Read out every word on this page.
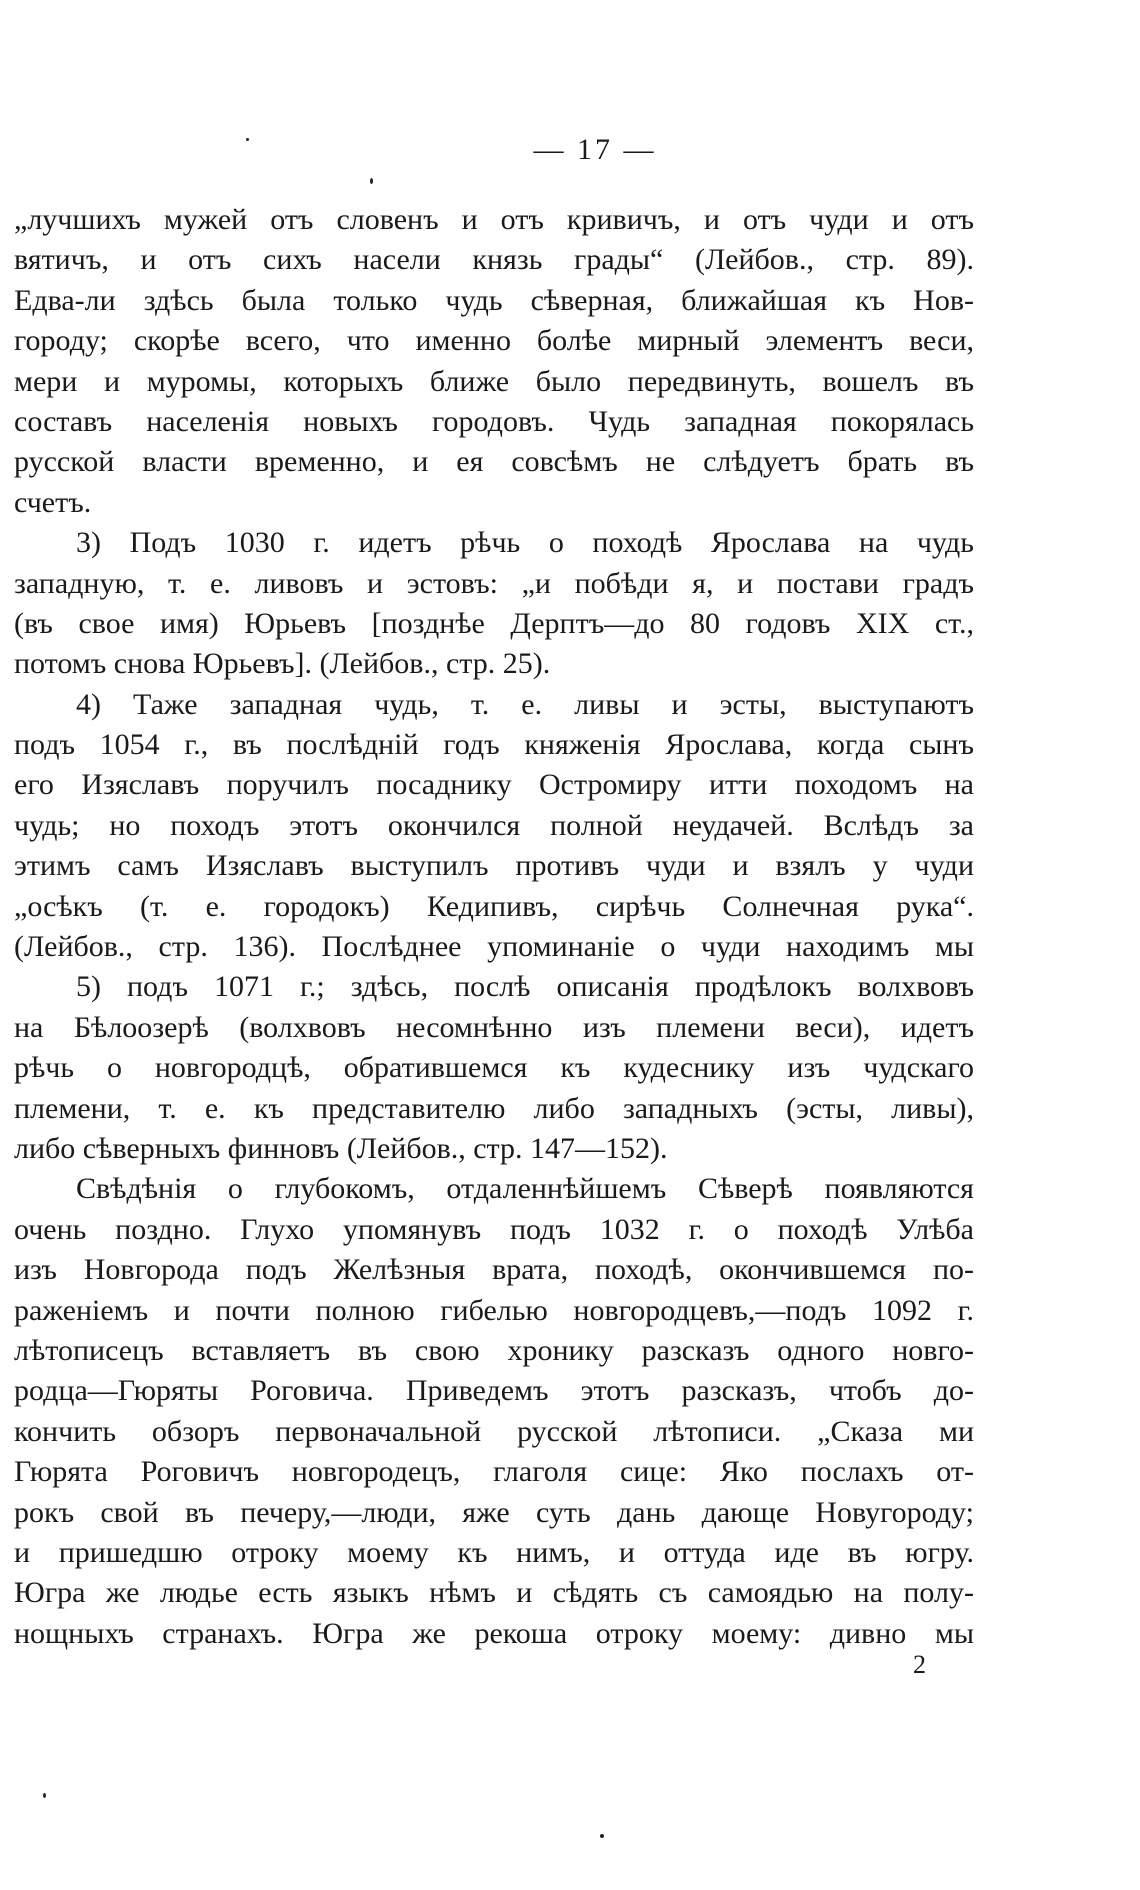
— 17 —
„лучшихъ мужей отъ словенъ и отъ кривичъ, и отъ чуди и отъ
вятичъ, и отъ сихъ насели князь грады“ (Лейбов., стр. 89).
Едва-ли здѣсь была только чудь сѣверная, ближайшая къ Нов-
городу; скорѣе всего, что именно болѣе мирный элементъ веси,
мери и муромы, которыхъ ближе было передвинуть, вошелъ въ
составъ населенія новыхъ городовъ. Чудь западная покорялась
русской власти временно, и ея совсѣмъ не слѣдуетъ брать въ
счетъ.
3) Подъ 1030 г. идетъ рѣчь о походѣ Ярослава на чудь
западную, т. е. ливовъ и эстовъ: „и побѣди я, и постави градъ
(въ свое имя) Юрьевъ [позднѣе Дерптъ—до 80 годовъ XIX ст.,
потомъ снова Юрьевъ]. (Лейбов., стр. 25).
4) Таже западная чудь, т. е. ливы и эсты, выступаютъ
подъ 1054 г., въ послѣдній годъ княженія Ярослава, когда сынъ
его Изяславъ поручилъ посаднику Остромиру итти походомъ на
чудь; но походъ этотъ окончился полной неудачей. Вслѣдъ за
этимъ самъ Изяславъ выступилъ противъ чуди и взялъ у чуди
„осѣкъ (т. е. городокъ) Кедипивъ, сирѣчь Солнечная рука“.
(Лейбов., стр. 136). Послѣднее упоминаніе о чуди находимъ мы
5) подъ 1071 г.; здѣсь, послѣ описанія продѣлокъ волхвовъ
на Бѣлоозерѣ (волхвовъ несомнѣнно изъ племени веси), идетъ
рѣчь о новгородцѣ, обратившемся къ кудеснику изъ чудскаго
племени, т. е. къ представителю либо западныхъ (эсты, ливы),
либо сѣверныхъ финновъ (Лейбов., стр. 147—152).
Свѣдѣнія о глубокомъ, отдаленнѣйшемъ Сѣверѣ появляются
очень поздно. Глухо упомянувъ подъ 1032 г. о походѣ Улѣба
изъ Новгорода подъ Желѣзныя врата, походѣ, окончившемся по-
раженіемъ и почти полною гибелью новгородцевъ,—подъ 1092 г.
лѣтописецъ вставляетъ въ свою хронику разсказъ одного новго-
родца—Гюряты Роговича. Приведемъ этотъ разсказъ, чтобъ до-
кончить обзоръ первоначальной русской лѣтописи. „Сказа ми
Гюрята Роговичъ новгородецъ, глаголя сице: Яко послахъ от-
рокъ свой въ печеру,—люди, яже суть дань дающе Новугороду;
и пришедшю отроку моему къ нимъ, и оттуда иде въ югру.
Югра же людье есть языкъ нѣмъ и сѣдять съ самоядью на полу-
нощныхъ странахъ. Югра же рекоша отроку моему: дивно мы
2
